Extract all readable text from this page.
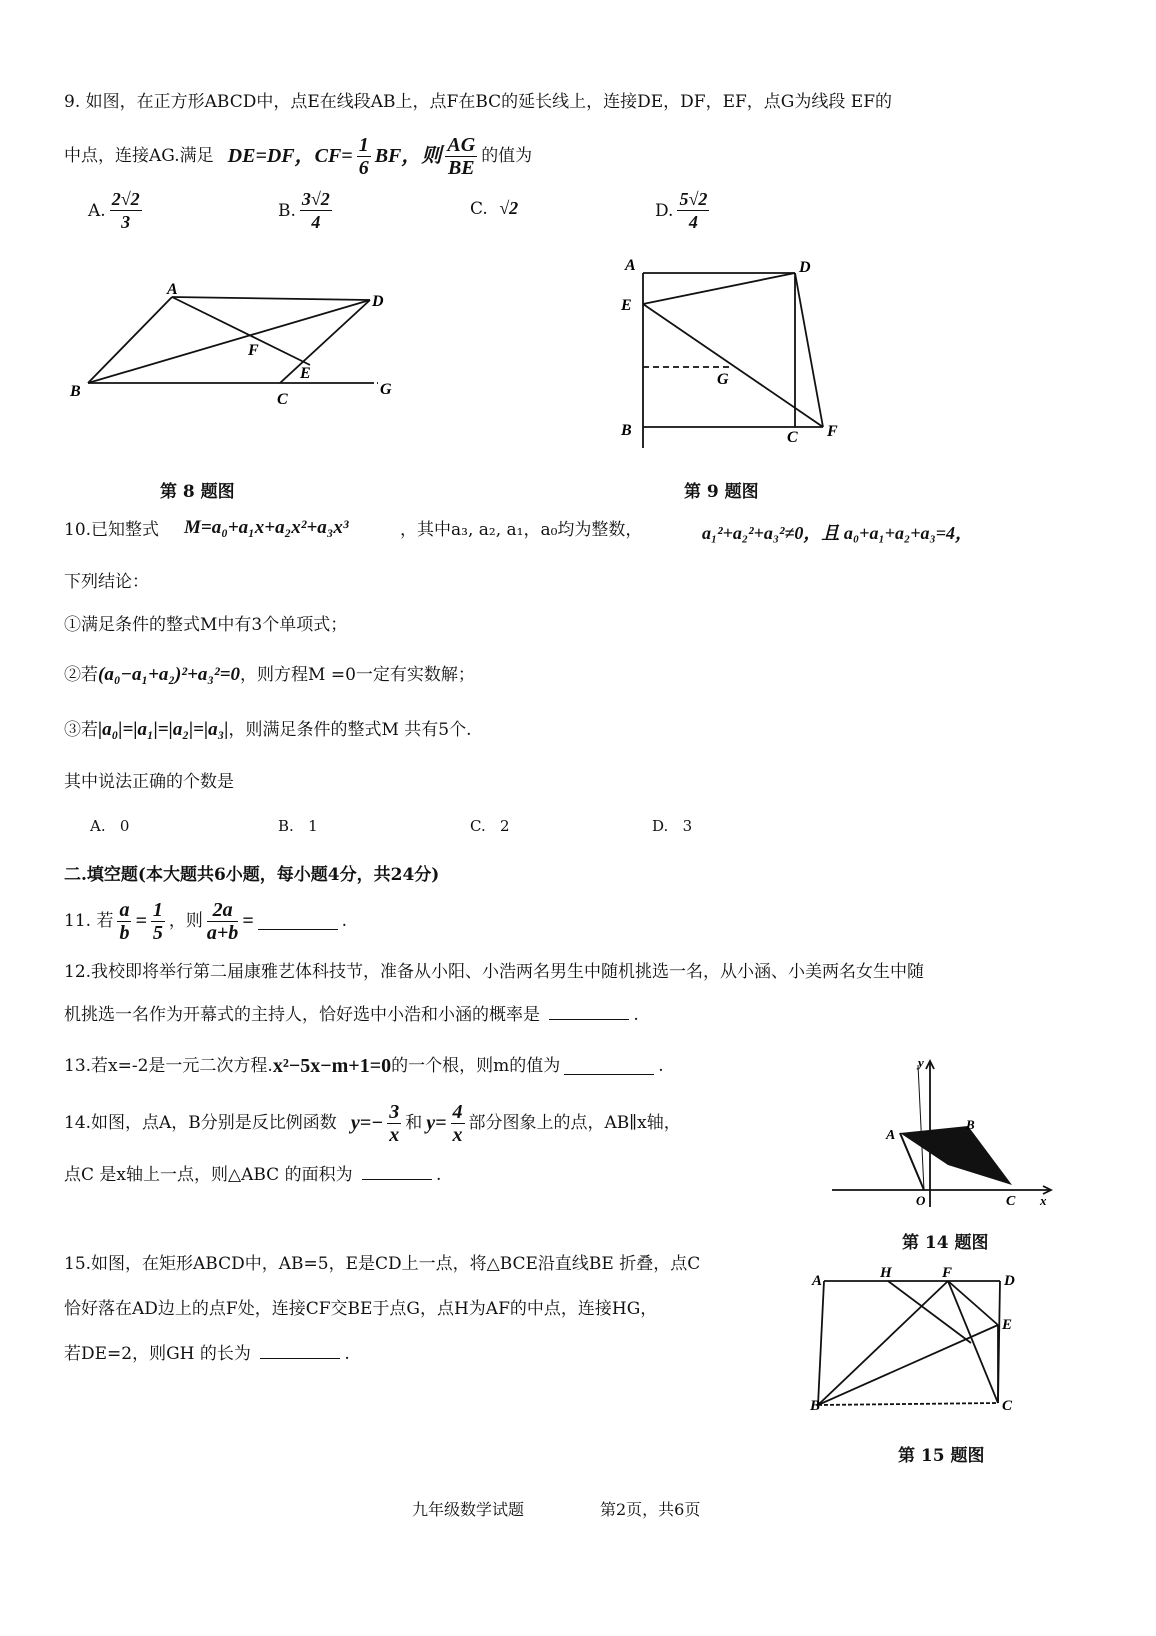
9. 如图，在正方形ABCD中，点E在线段AB上，点F在BC的延长线上，连接DE，DF，EF，点G为线段 EF的
中点，连接AG.满足 DE=DF，$CF= \frac{1}{6}$ BF，则 $\frac{AG}{BE}$ 的值为
A. $\frac{2√2}{3}$	B. $\frac{3√2}{4}$	C. √2	D. $\frac{5√2}{4}$
A
D
F
E
B	C
G
第 8 题图
A	D
E
G
B	C F
第 9 题图
10.已知整式 M=a₀+a₁x+a₂x²+a₃x³	，其中a₃, a₂, a₁，a₀均为整数，	a₁²+a₂²+a₃²≠0，且 a₀+a₁+a₂+a₃=4，
下列结论：
①满足条件的整式M中有3个单项式；
②若 (a₀−a₁+a₂)²+a₃²=0 ，则方程M =0一定有实数解；
③若 |a₀|=|a₁|=|a₂|=|a₃| ，则满足条件的整式M 共有5个.
其中说法正确的个数是
A. 0	B. 1	C. 2	D. 3
二.填空题(本大题共6小题，每小题4分，共24分)
11. 若 $\frac{a}{b} = \frac{1}{5}$ ，则 $\frac{2a}{a+b}$ =	.
12.我校即将举行第二届康雅艺体科技节，准备从小阳、小浩两名男生中随机挑选一名，从小涵、小美两名女生中随
机挑选一名作为开幕式的主持人，恰好选中小浩和小涵的概率是	.
13.若x=-2是一元二次方程. x²−5x−m+1=0 的一个根，则m的值为	.
14.如图，点A，B分别是反比例函数 $y=- \frac{3}{x}$ 和 $y= \frac{4}{x}$ 部分图象上的点，AB∥x轴，
点C 是x轴上一点，则△ABC 的面积为	.
y
A
B
O	C x
第 14 题图
15.如图，在矩形ABCD中，AB=5，E是CD上一点，将△BCE沿直线BE 折叠，点C
恰好落在AD边上的点F处，连接CF交BE于点G，点H为AF的中点，连接HG，
若DE=2，则GH 的长为	.
A	H	F	D
E
B	C
第 15 题图
九年级数学试题	第2页，共6页
